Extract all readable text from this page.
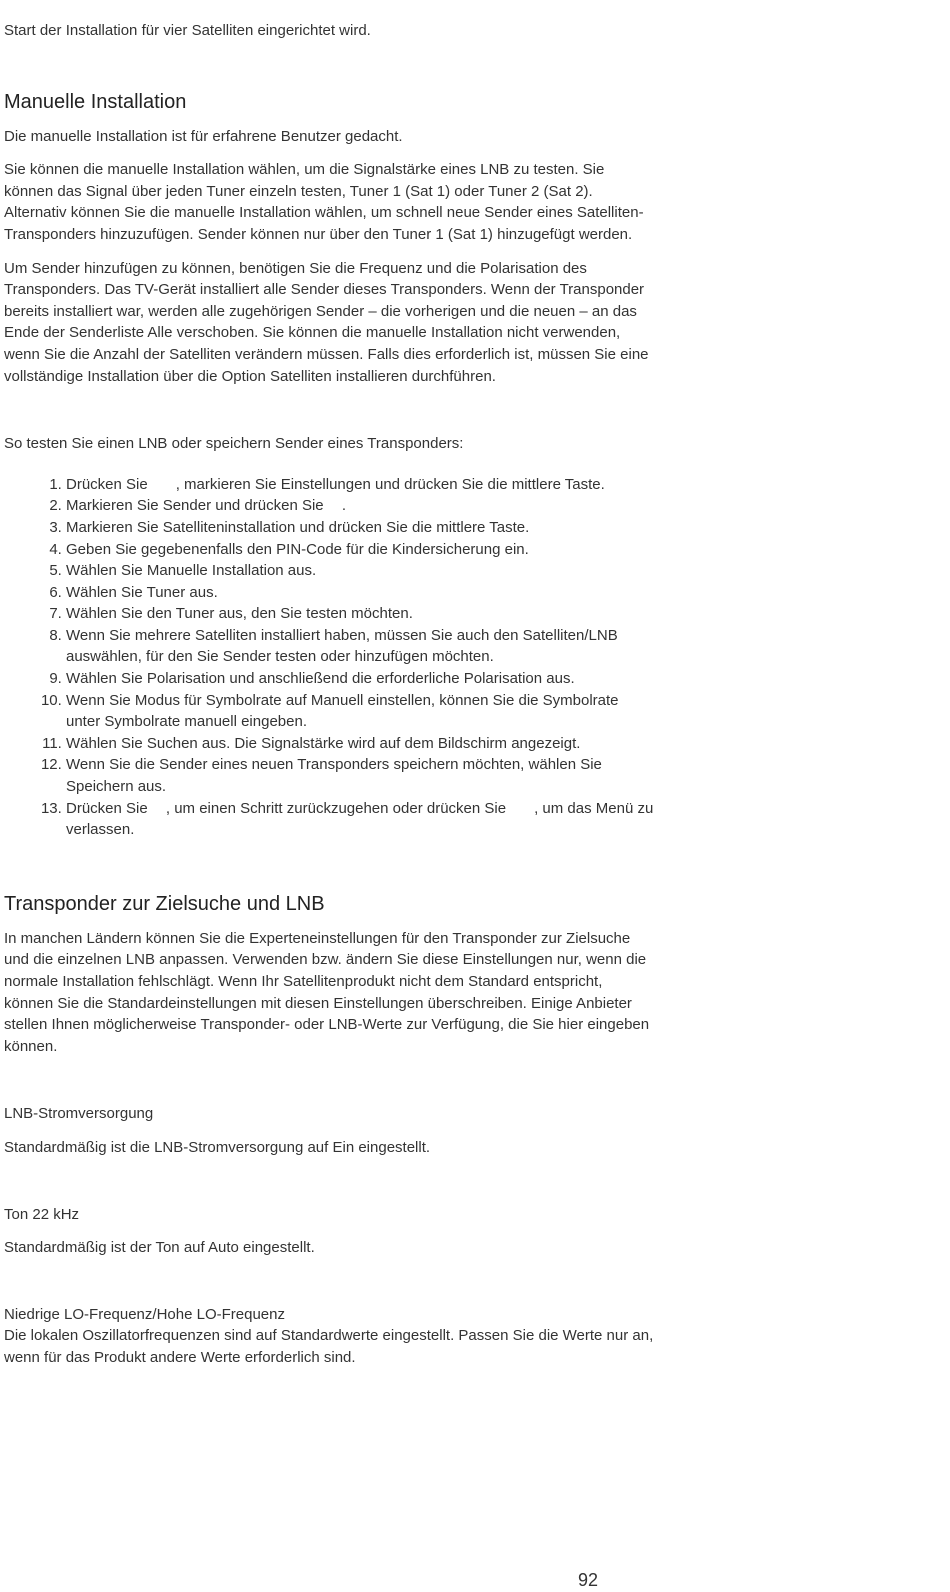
Start der Installation für vier Satelliten eingerichtet wird.

Manuelle Installation

Die manuelle Installation ist für erfahrene Benutzer gedacht.

Sie können die manuelle Installation wählen, um die Signalstärke eines LNB zu testen. Sie können das Signal über jeden Tuner einzeln testen, Tuner 1 (Sat 1) oder Tuner 2 (Sat 2). Alternativ können Sie die manuelle Installation wählen, um schnell neue Sender eines Satelliten-Transponders hinzuzufügen. Sender können nur über den Tuner 1 (Sat 1) hinzugefügt werden.

Um Sender hinzufügen zu können, benötigen Sie die Frequenz und die Polarisation des Transponders. Das TV-Gerät installiert alle Sender dieses Transponders. Wenn der Transponder bereits installiert war, werden alle zugehörigen Sender – die vorherigen und die neuen – an das Ende der Senderliste Alle verschoben. Sie können die manuelle Installation nicht verwenden, wenn Sie die Anzahl der Satelliten verändern müssen. Falls dies erforderlich ist, müssen Sie eine vollständige Installation über die Option Satelliten installieren durchführen.

So testen Sie einen LNB oder speichern Sender eines Transponders:

1. Drücken Sie , markieren Sie Einstellungen und drücken Sie die mittlere Taste.
2. Markieren Sie Sender und drücken Sie .
3. Markieren Sie Satelliteninstallation und drücken Sie die mittlere Taste.
4. Geben Sie gegebenenfalls den PIN-Code für die Kindersicherung ein.
5. Wählen Sie Manuelle Installation aus.
6. Wählen Sie Tuner aus.
7. Wählen Sie den Tuner aus, den Sie testen möchten.
8. Wenn Sie mehrere Satelliten installiert haben, müssen Sie auch den Satelliten/LNB auswählen, für den Sie Sender testen oder hinzufügen möchten.
9. Wählen Sie Polarisation und anschließend die erforderliche Polarisation aus.
10. Wenn Sie Modus für Symbolrate auf Manuell einstellen, können Sie die Symbolrate unter Symbolrate manuell eingeben.
11. Wählen Sie Suchen aus. Die Signalstärke wird auf dem Bildschirm angezeigt.
12. Wenn Sie die Sender eines neuen Transponders speichern möchten, wählen Sie Speichern aus.
13. Drücken Sie , um einen Schritt zurückzugehen oder drücken Sie , um das Menü zu verlassen.
Transponder zur Zielsuche und LNB

In manchen Ländern können Sie die Experteneinstellungen für den Transponder zur Zielsuche und die einzelnen LNB anpassen. Verwenden bzw. ändern Sie diese Einstellungen nur, wenn die normale Installation fehlschlägt. Wenn Ihr Satellitenprodukt nicht dem Standard entspricht, können Sie die Standardeinstellungen mit diesen Einstellungen überschreiben. Einige Anbieter stellen Ihnen möglicherweise Transponder- oder LNB-Werte zur Verfügung, die Sie hier eingeben können.

LNB-Stromversorgung

Standardmäßig ist die LNB-Stromversorgung auf Ein eingestellt.

Ton 22 kHz

Standardmäßig ist der Ton auf Auto eingestellt.

Niedrige LO-Frequenz/Hohe LO-Frequenz

Die lokalen Oszillatorfrequenzen sind auf Standardwerte eingestellt. Passen Sie die Werte nur an, wenn für das Produkt andere Werte erforderlich sind.

92
